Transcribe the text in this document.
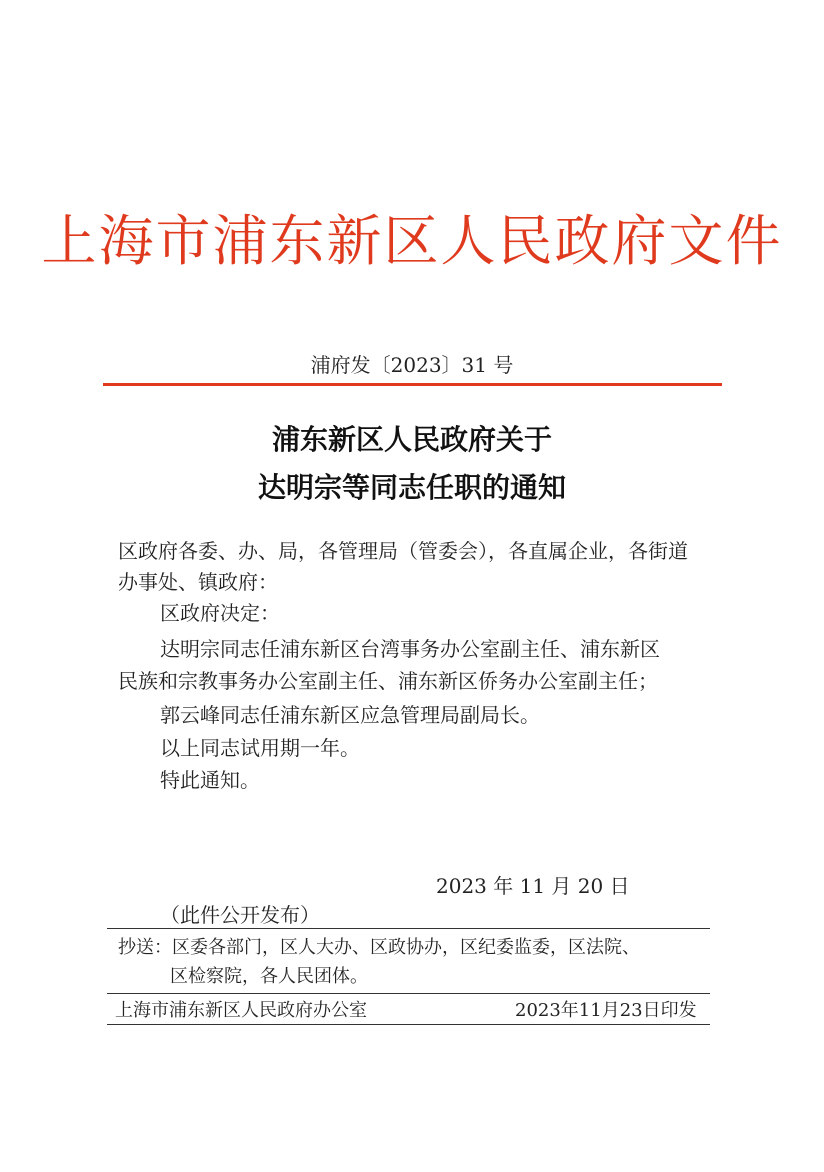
上海市浦东新区人民政府文件
浦府发〔2023〕31 号
浦东新区人民政府关于
达明宗等同志任职的通知
区政府各委、办、局，各管理局（管委会），各直属企业，各街道
办事处、镇政府：
区政府决定：
达明宗同志任浦东新区台湾事务办公室副主任、浦东新区
民族和宗教事务办公室副主任、浦东新区侨务办公室副主任；
郭云峰同志任浦东新区应急管理局副局长。
以上同志试用期一年。
特此通知。
2023 年 11 月 20 日
（此件公开发布）
抄送：区委各部门，区人大办、区政协办，区纪委监委，区法院、
区检察院，各人民团体。
上海市浦东新区人民政府办公室	2023年11月23日印发
